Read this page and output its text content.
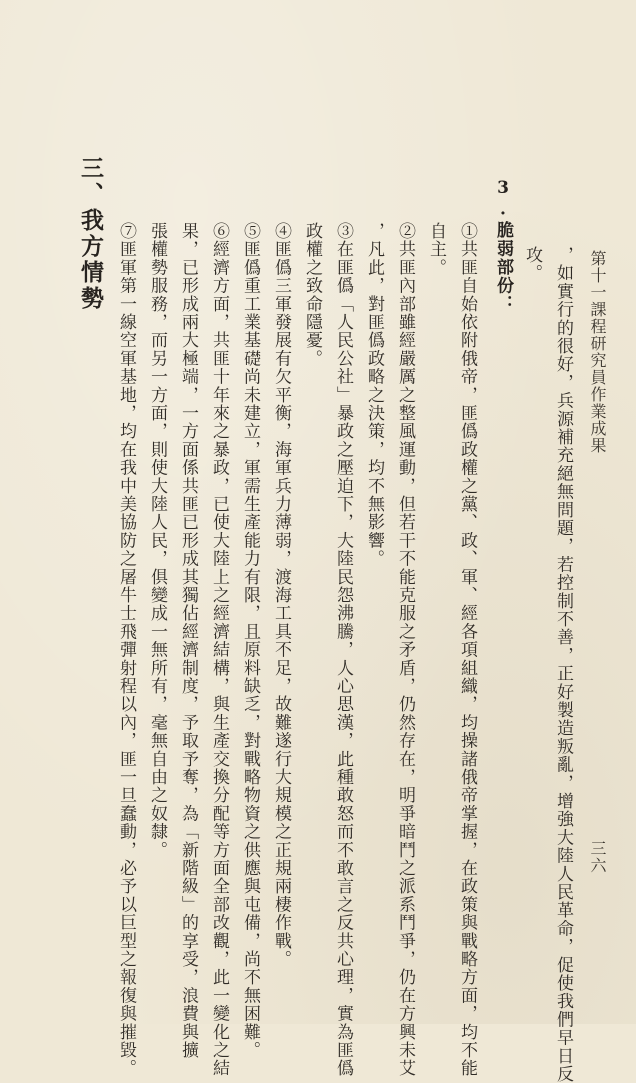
第十一課程研究員作業成果
三六
，如實行的很好，兵源補充絕無問題，若控制不善，正好製造叛亂，增強大陸人民革命，促使我們早日反
攻。
3.脆弱部份：
①共匪自始依附俄帝，匪僞政權之黨、政、軍、經各項組織，均操諸俄帝掌握，在政策與戰略方面，均不能
自主。
②共匪內部雖經嚴厲之整風運動，但若干不能克服之矛盾，仍然存在，明爭暗鬥之派系鬥爭，仍在方興未艾
，凡此，對匪僞政略之決策，均不無影響。
③在匪僞「人民公社」暴政之壓迫下，大陸民怨沸騰，人心思漢，此種敢怒而不敢言之反共心理，實為匪僞
政權之致命隱憂。
④匪僞三軍發展有欠平衡，海軍兵力薄弱，渡海工具不足，故難遂行大規模之正規兩棲作戰。
⑤匪僞重工業基礎尚未建立，軍需生產能力有限，且原料缺乏，對戰略物資之供應與屯備，尚不無困難。
⑥經濟方面，共匪十年來之暴政，已使大陸上之經濟結構，與生產交換分配等方面全部改觀，此一變化之結
果，已形成兩大極端，一方面係共匪已形成其獨佔經濟制度，予取予奪，為「新階級」的享受，浪費與擴
張權勢服務，而另一方面，則使大陸人民，俱變成一無所有，毫無自由之奴隸。
⑦匪軍第一線空軍基地，均在我中美協防之屠牛士飛彈射程以內，匪一旦蠢動，必予以巨型之報復與摧毀。
三、我方情勢
